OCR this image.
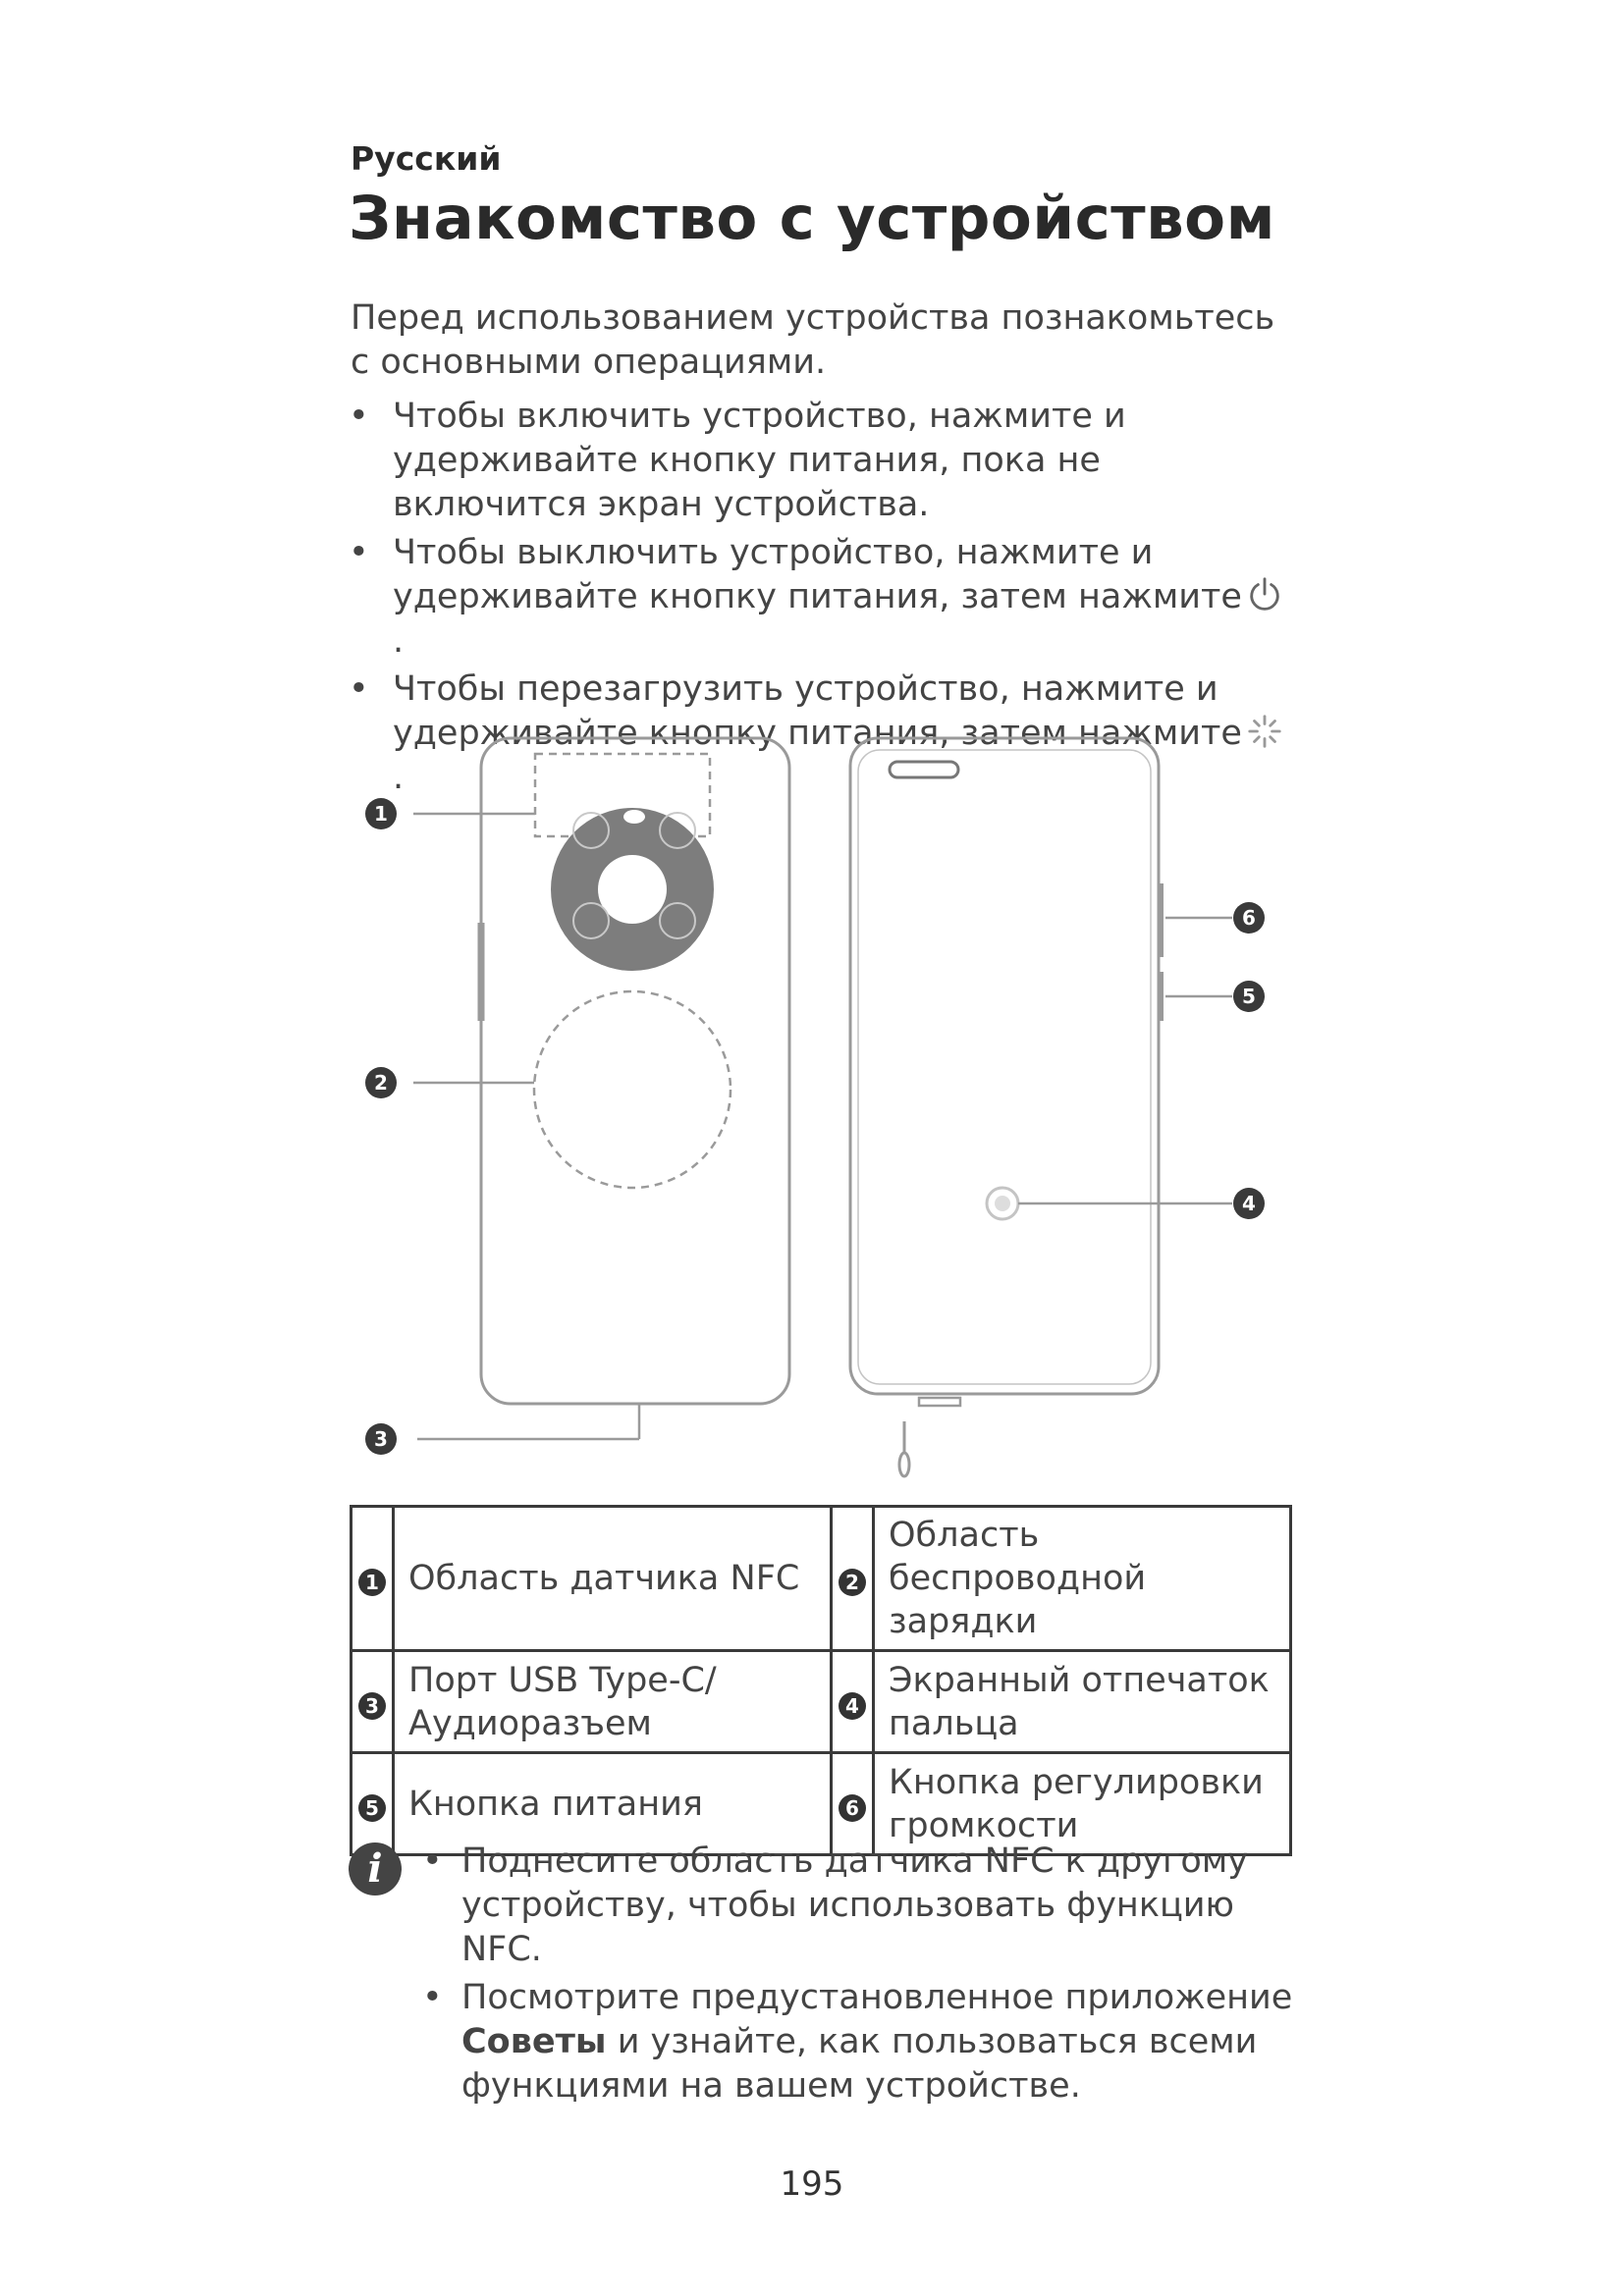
Русский
Знакомство с устройством
Перед использованием устройства познакомьтесь с основными операциями.
• Чтобы включить устройство, нажмите и удерживайте кнопку питания, пока не включится экран устройства.
• Чтобы выключить устройство, нажмите и удерживайте кнопку питания, затем нажмите.
• Чтобы перезагрузить устройство, нажмите и удерживайте кнопку питания, затем нажмите.
1
2
3
4
5
6
1	Область датчика NFC	2	Область беспроводной зарядки
3	Порт USB Type-C/ Аудиоразъем	4	Экранный отпечаток пальца
5	Кнопка питания	6	Кнопка регулировки громкости
i	• Поднесите область датчика NFC к другому устройству, чтобы использовать функцию NFC.
• Посмотрите предустановленное приложение Советы и узнайте, как пользоваться всеми функциями на вашем устройстве.
195
